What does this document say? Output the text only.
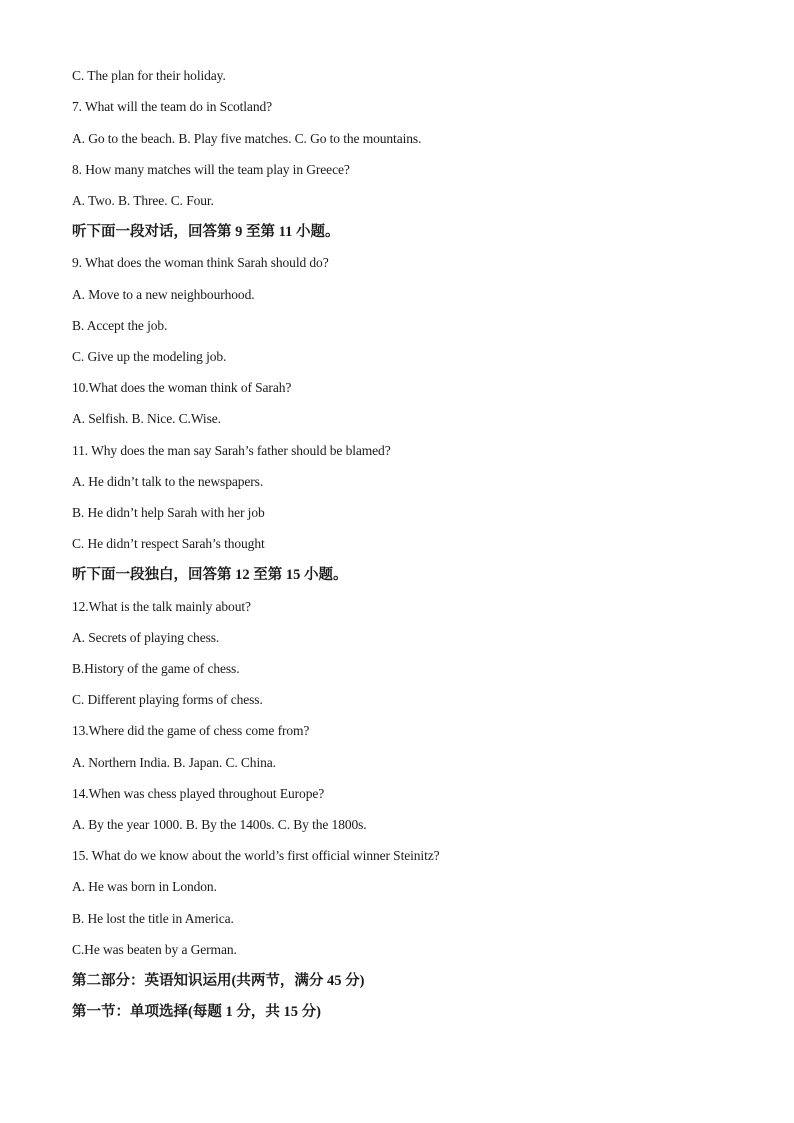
C. The plan for their holiday.
7. What will the team do in Scotland?
A. Go to the beach. B. Play five matches. C. Go to the mountains.
8. How many matches will the team play in Greece?
A. Two. B. Three. C. Four.
听下面一段对话，回答第 9 至第 11 小题。
9. What does the woman think Sarah should do?
A. Move to a new neighbourhood.
B. Accept the job.
C. Give up the modeling job.
10.What does the woman think of Sarah?
A. Selfish. B. Nice. C.Wise.
11. Why does the man say Sarah’s father should be blamed?
A. He didn’t talk to the newspapers.
B. He didn’t help Sarah with her job
C. He didn’t respect Sarah’s thought
听下面一段独白，回答第 12 至第 15 小题。
12.What is the talk mainly about?
A. Secrets of playing chess.
B.History of the game of chess.
C. Different playing forms of chess.
13.Where did the game of chess come from?
A. Northern India. B. Japan. C. China.
14.When was chess played throughout Europe?
A. By the year 1000. B. By the 1400s. C. By the 1800s.
15. What do we know about the world’s first official winner Steinitz?
A. He was born in London.
B. He lost the title in America.
C.He was beaten by a German.
第二部分：英语知识运用(共两节，满分 45 分)
第一节：单项选择(每题 1 分，共 15 分)
